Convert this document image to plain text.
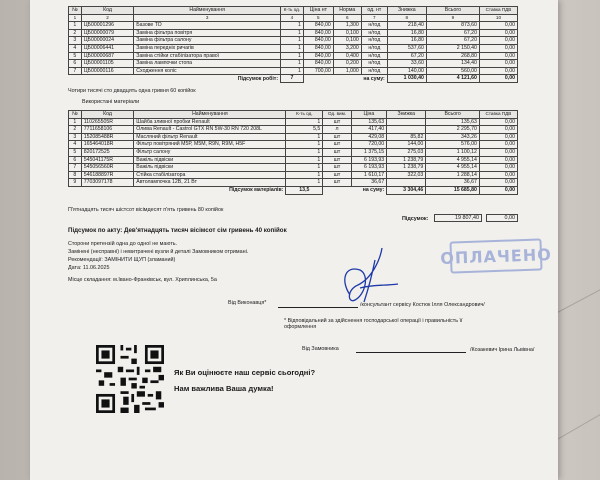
№	Код	Найменування	К-ть од.	Ціна нт	Норма	од. нт	Знижка	Всього	Ставка ПДВ
1	2	3	4	5	6	7	8	9	10
1	ЦБ00001296	Базове ТО	1	840,00	1,300	н/год	218,40	873,60	0,00
2	ЦБ00000079	Заміна фільтра повітря	1	840,00	0,100	н/год	16,80	67,20	0,00
3	ЦБ00000024	Заміна фільтра салону	1	840,00	0,100	н/год	16,80	67,20	0,00
4	ЦБ00006441	Заміна передніх ричагів	1	840,00	3,200	н/год	537,60	2 150,40	0,00
5	ЦБ00000687	Заміна стійки стабілізатора правої	1	840,00	0,400	н/год	67,20	268,80	0,00
6	ЦБ00001105	Заміна лампочки стопа	1	840,00	0,200	н/год	33,60	134,40	0,00
7	ЦБ00000116	Сходження коліс	1	700,00	1,000	н/год	140,00	560,00	0,00
Підсумок робіт:			7	на суму:			1 030,40	4 121,60	0,00
Чотири тисячі сто двадцять одна гривня 60 копійок
Використані матеріали
№	Код	Найменування	К-ть од.	Од. вим.	Ціна	Знижка	Всього	Ставка ПДВ
1	110265505R	Шайба зливної пробки Renault	1	шт	135,63		135,63	0,00
2	7711658106	Оливa Renault - Castrol GTX RN 5W-30 RN 720 208L	5,5	л	417,40		2 295,70	0,00
3	152085488R	Масляний фільтр Renault	1	шт	429,08	85,82	343,26	0,00
4	165464018R	Фільтр повітряний M5P, M5M, R9N, R9M, H5F	1	шт	720,00	144,00	576,00	0,00
5	820172525	Фільтр салону	1	шт	1 375,15	275,03	1 100,12	0,00
6	545041175R	Важіль підвіски	1	шт	6 193,93	1 238,79	4 955,14	0,00
7	545056560R	Важіль підвіски	1	шт	6 193,93	1 238,79	4 955,14	0,00
8	546188897R	Стійка стабілізатора	1	шт	1 610,17	322,03	1 288,14	0,00
9	7703097178	Автолампочка 12В, 21 Вт	1	шт	36,67		36,67	0,00
Підсумок матеріалів:			13,5	на суму:		3 304,46	15 685,80	0,00
П'ятнадцять тисяч шістсот вісімдесят п'ять гривень 80 копійок
Підсумок:	19 807,40	0,00
Підсумок по акту: Дев'ятнадцять тисяч вісімсот сім гривень 40 копійок
Сторони претензій одна до одної не мають.
Замінені (несправні) і невитрачені вузли й деталі Замовником отримані.
Рекомендації: ЗАМІНИТИ ЩУП (зламаний)
Дата: 11.06.2025
Місце складання: м.Івано-Франківськ, вул. Хриплинська, 5а
Від Виконавця*	/консультант сервісу Костюк Ілля Олександрович/
* Відповідальний за здійснення господарської операції і правильність її оформлення
Від Замовника	/Козакевич Ірина Львівна/
ОПЛАЧЕНО
Як Ви оцінюєте наш сервіс сьогодні?
Нам важлива Ваша думка!
